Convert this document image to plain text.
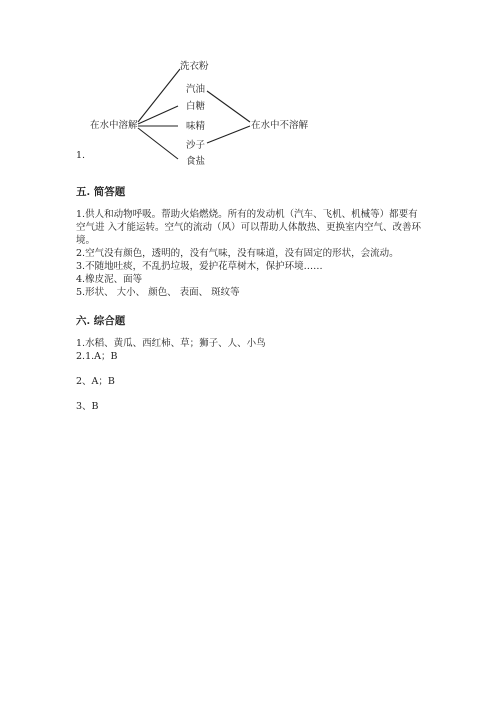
洗衣粉
汽油
白糖
味精
沙子
食盐
在水中溶解	在水中不溶解
1.
五. 简答题
1.供人和动物呼吸。帮助火焰燃烧。所有的发动机（汽车、飞机、机械等）都要有空气进 入才能运转。空气的流动（风）可以帮助人体散热、更换室内空气、改善环境。
2.空气没有颜色，透明的，没有气味，没有味道，没有固定的形状，会流动。
3.不随地吐痰，不乱扔垃圾，爱护花草树木，保护环境……
4.橡皮泥、面等
5.形状、 大小、 颜色、 表面、 斑纹等
六. 综合题
1.水稻、黄瓜、西红柿、草；狮子、人、小鸟
2.1.A；B
2、A；B
3、B
